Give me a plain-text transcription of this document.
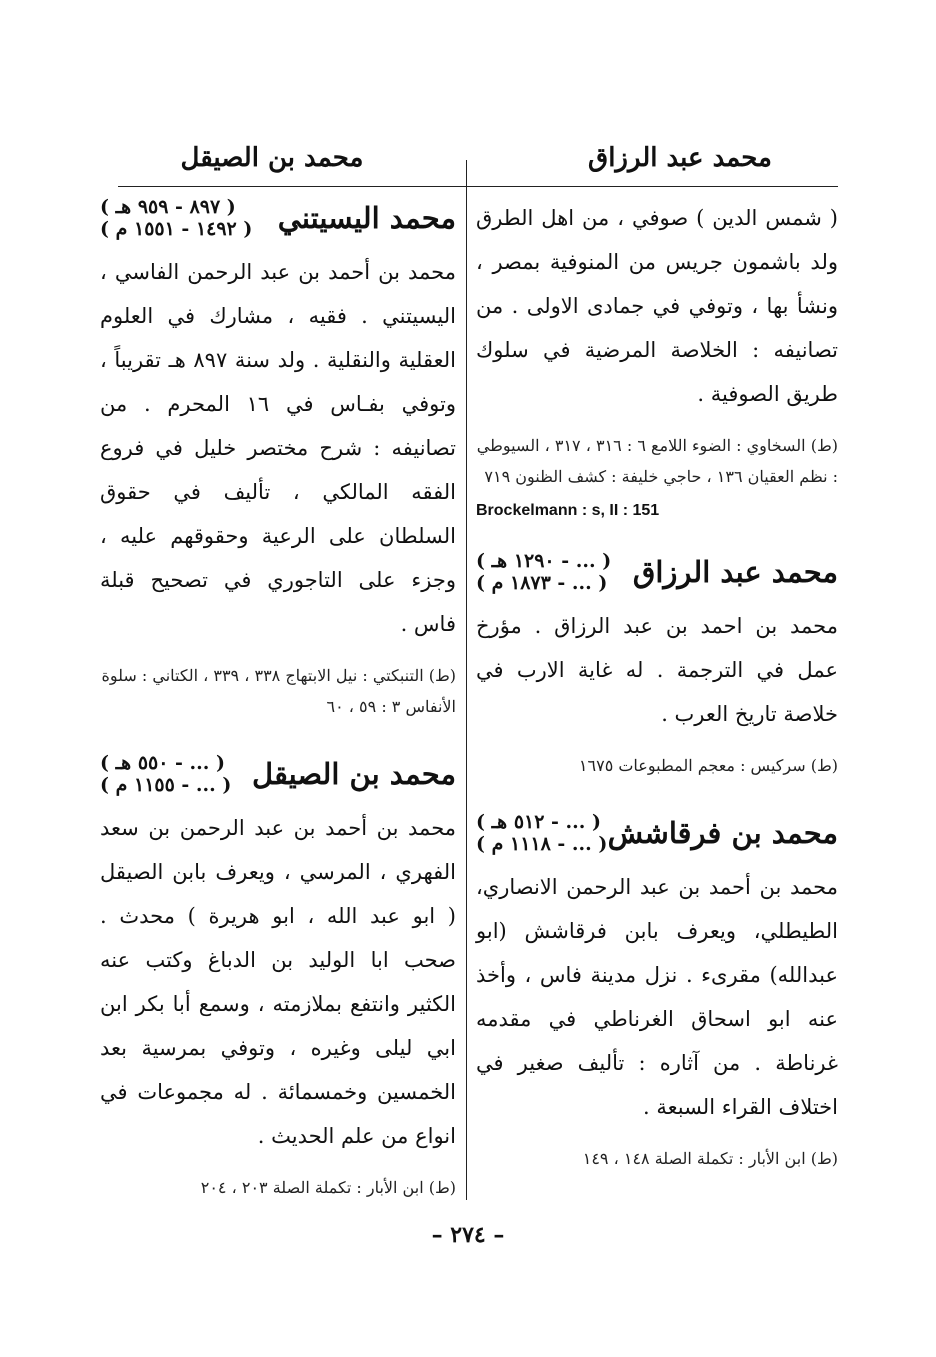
محمد بن الصيقل	محمد عبد الرزاق

( شمس الدين ) صوفي ، من اهل الطرق ولد باشمون جريس من المنوفية بمصر ، ونشأ بها ، وتوفي في جمادى الاولى . من تصانيفه : الخلاصة المرضية في سلوك طريق الصوفية .

(ط) السخاوي : الضوء اللامع ٦ : ٣١٦ ، ٣١٧ ، السيوطي : نظم العقيان ١٣٦ ، حاجي خليفة : كشف الظنون ٧١٩

Brockelmann : s, II : 151

محمد عبد الرزاق
( ... - ١٢٩٠ هـ )
( ... - ١٨٧٣ م )

محمد بن احمد بن عبد الرزاق . مؤرخ عمل في الترجمة . له غاية الارب في خلاصة تاريخ العرب .

(ط) سركيس : معجم المطبوعات ١٦٧٥

محمد بن فرقاشش
( ... - ٥١٢ هـ )
( ... - ١١١٨ م )

محمد بن أحمد بن عبد الرحمن الانصاري، الطيطلي، ويعرف بابن فرقاشش (ابو عبدالله) مقرىء . نزل مدينة فاس ، وأخذ عنه ابو اسحاق الغرناطي في مقدمه غرناطة . من آثاره : تأليف صغير في اختلاف القراء السبعة .

(ط) ابن الأبار : تكملة الصلة ١٤٨ ، ١٤٩

محمد اليسيتني
( ٨٩٧ - ٩٥٩ هـ )
( ١٤٩٢ - ١٥٥١ م )

محمد بن أحمد بن عبد الرحمن الفاسي ، اليسيتني . فقيه ، مشارك في العلوم العقلية والنقلية . ولد سنة ٨٩٧ هـ تقريباً ، وتوفي بفـاس في ١٦ المحرم . من تصانيفه : شرح مختصر خليل في فروع الفقه المالكي ، تأليف في حقوق السلطان على الرعية وحقوقهم عليه ، وجزء على التاجوري في تصحيح قبلة فاس .

(ط) التنبكتي : نيل الابتهاج ٣٣٨ ، ٣٣٩ ، الكتاني : سلوة الأنفاس ٣ : ٥٩ ، ٦٠

محمد بن الصيقل
( ... - ٥٥٠ هـ )
( ... - ١١٥٥ م )

محمد بن أحمد بن عبد الرحمن بن سعد الفهري ، المرسي ، ويعرف بابن الصيقل ( ابو عبد الله ، ابو هريرة ) محدث . صحب ابا الوليد بن الدباغ وكتب عنه الكثير وانتفع بملازمته ، وسمع أبا بكر ابن ابي ليلى وغيره ، وتوفي بمرسية بعد الخمسين وخمسمائة . له مجموعات في انواع من علم الحديث .

(ط) ابن الأبار : تكملة الصلة ٢٠٣ ، ٢٠٤

– ٢٧٤ –
